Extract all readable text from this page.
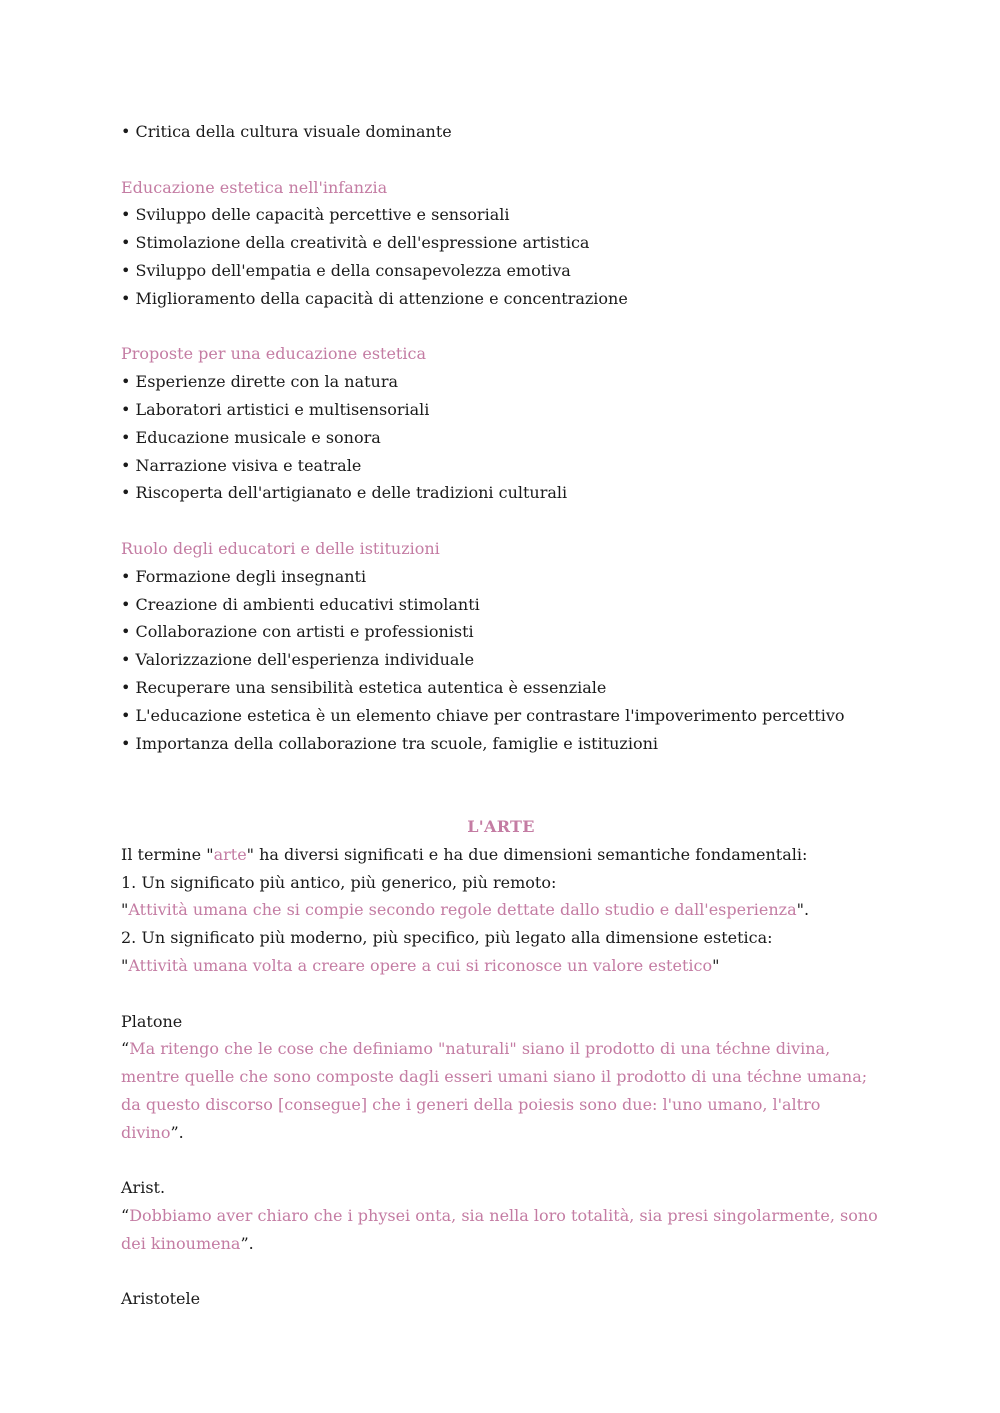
• Critica della cultura visuale dominante
Educazione estetica nell'infanzia
• Sviluppo delle capacità percettive e sensoriali
• Stimolazione della creatività e dell'espressione artistica
• Sviluppo dell'empatia e della consapevolezza emotiva
• Miglioramento della capacità di attenzione e concentrazione
Proposte per una educazione estetica
• Esperienze dirette con la natura
• Laboratori artistici e multisensoriali
• Educazione musicale e sonora
• Narrazione visiva e teatrale
• Riscoperta dell'artigianato e delle tradizioni culturali
Ruolo degli educatori e delle istituzioni
• Formazione degli insegnanti
• Creazione di ambienti educativi stimolanti
• Collaborazione con artisti e professionisti
• Valorizzazione dell'esperienza individuale
• Recuperare una sensibilità estetica autentica è essenziale
• L'educazione estetica è un elemento chiave per contrastare l'impoverimento percettivo
• Importanza della collaborazione tra scuole, famiglie e istituzioni
L'ARTE
Il termine "arte" ha diversi significati e ha due dimensioni semantiche fondamentali:
1. Un significato più antico, più generico, più remoto:
"Attività umana che si compie secondo regole dettate dallo studio e dall'esperienza".
2. Un significato più moderno, più specifico, più legato alla dimensione estetica:
"Attività umana volta a creare opere a cui si riconosce un valore estetico"
Platone
“Ma ritengo che le cose che definiamo "naturali" siano il prodotto di una téchne divina, mentre quelle che sono composte dagli esseri umani siano il prodotto di una téchne umana; da questo discorso [consegue] che i generi della poiesis sono due: l'uno umano, l'altro divino”.
Arist.
“Dobbiamo aver chiaro che i physei onta, sia nella loro totalità, sia presi singolarmente, sono dei kinoumena”.
Aristotele
